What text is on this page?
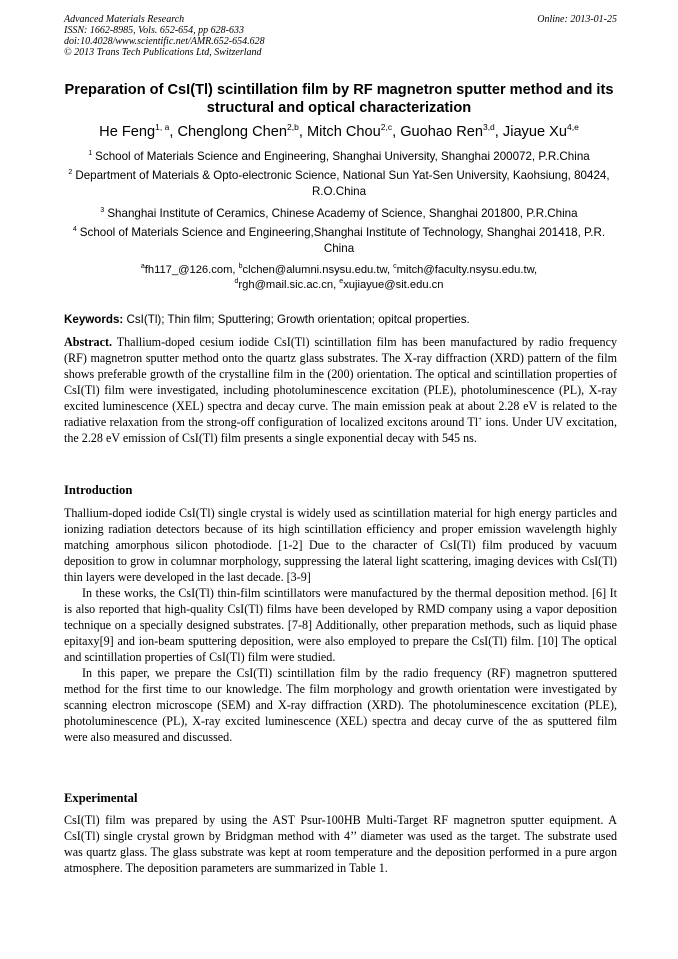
Advanced Materials Research
ISSN: 1662-8985, Vols. 652-654, pp 628-633
doi:10.4028/www.scientific.net/AMR.652-654.628
© 2013 Trans Tech Publications Ltd, Switzerland
Online: 2013-01-25
Preparation of CsI(Tl) scintillation film by RF magnetron sputter method and its structural and optical characterization
He Feng$^{1, a}$, Chenglong Chen$^{2,b}$, Mitch Chou$^{2,c}$, Guohao Ren$^{3,d}$, Jiayue Xu$^{4,e}$
$^1$ School of Materials Science and Engineering, Shanghai University, Shanghai 200072, P.R.China
$^2$ Department of Materials & Opto-electronic Science, National Sun Yat-Sen University, Kaohsiung, 80424, R.O.China
$^3$ Shanghai Institute of Ceramics, Chinese Academy of Science, Shanghai 201800, P.R.China
$^4$ School of Materials Science and Engineering,Shanghai Institute of Technology, Shanghai 201418, P.R. China
$^a$fh117_@126.com, $^b$clchen@alumni.nsysu.edu.tw, $^c$mitch@faculty.nsysu.edu.tw,
$^d$rgh@mail.sic.ac.cn, $^e$xujiayue@sit.edu.cn
Keywords: CsI(Tl); Thin film; Sputtering; Growth orientation; opitcal properties.

Abstract. Thallium-doped cesium iodide CsI(Tl) scintillation film has been manufactured by radio frequency (RF) magnetron sputter method onto the quartz glass substrates. The X-ray diffraction (XRD) pattern of the film shows preferable growth of the crystalline film in the (200) orientation. The optical and scintillation properties of CsI(Tl) film were investigated, including photoluminescence excitation (PLE), photoluminescence (PL), X-ray excited luminescence (XEL) spectra and decay curve. The main emission peak at about 2.28 eV is related to the radiative relaxation from the strong-off configuration of localized excitons around Tl+ ions. Under UV excitation, the 2.28 eV emission of CsI(Tl) film presents a single exponential decay with 545 ns.

Introduction

Thallium-doped iodide CsI(Tl) single crystal is widely used as scintillation material for high energy particles and ionizing radiation detectors because of its high scintillation efficiency and proper emission wavelength highly matching amorphous silicon photodiode. [1-2] Due to the character of CsI(Tl) film produced by vacuum deposition to grow in columnar morphology, suppressing the lateral light scattering, imaging devices with CsI(Tl) thin layers were developed in the last decade. [3-9]

In these works, the CsI(Tl) thin-film scintillators were manufactured by the thermal deposition method. [6] It is also reported that high-quality CsI(Tl) films have been developed by RMD company using a vapor deposition technique on a specially designed substrates. [7-8] Additionally, other preparation methods, such as liquid phase epitaxy[9] and ion-beam sputtering deposition, were also employed to prepare the CsI(Tl) film. [10] The optical and scintillation properties of CsI(Tl) film were studied.

In this paper, we prepare the CsI(Tl) scintillation film by the radio frequency (RF) magnetron sputtered method for the first time to our knowledge. The film morphology and growth orientation were investigated by scanning electron microscope (SEM) and X-ray diffraction (XRD). The photoluminescence excitation (PLE), photoluminescence (PL), X-ray excited luminescence (XEL) spectra and decay curve of the as sputtered film were also measured and discussed.

Experimental

CsI(Tl) film was prepared by using the AST Psur-100HB Multi-Target RF magnetron sputter equipment. A CsI(Tl) single crystal grown by Bridgman method with 4’’ diameter was used as the target. The substrate used was quartz glass. The glass substrate was kept at room temperature and the deposition performed in a pure argon atmosphere. The deposition parameters are summarized in Table 1.
